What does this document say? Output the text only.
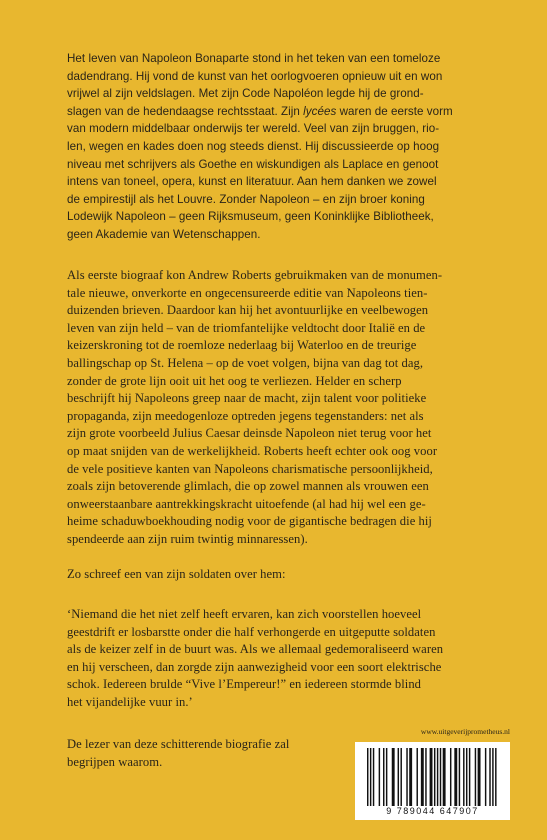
Het leven van Napoleon Bonaparte stond in het teken van een tomeloze
dadendrang. Hij vond de kunst van het oorlogvoeren opnieuw uit en won
vrijwel al zijn veldslagen. Met zijn Code Napoléon legde hij de grond-
slagen van de hedendaagse rechtsstaat. Zijn lycées waren de eerste vorm
van modern middelbaar onderwijs ter wereld. Veel van zijn bruggen, rio-
len, wegen en kades doen nog steeds dienst. Hij discussieerde op hoog
niveau met schrijvers als Goethe en wiskundigen als Laplace en genoot
intens van toneel, opera, kunst en literatuur. Aan hem danken we zowel
de empirestijl als het Louvre. Zonder Napoleon – en zijn broer koning
Lodewijk Napoleon – geen Rijksmuseum, geen Koninklijke Bibliotheek,
geen Akademie van Wetenschappen.
Als eerste biograaf kon Andrew Roberts gebruikmaken van de monumen-
tale nieuwe, onverkorte en ongecensureerde editie van Napoleons tien-
duizenden brieven. Daardoor kan hij het avontuurlijke en veelbewogen
leven van zijn held – van de triomfantelijke veldtocht door Italië en de
keizerskroning tot de roemloze nederlaag bij Waterloo en de treurige
ballingschap op St. Helena – op de voet volgen, bijna van dag tot dag,
zonder de grote lijn ooit uit het oog te verliezen. Helder en scherp
beschrijft hij Napoleons greep naar de macht, zijn talent voor politieke
propaganda, zijn meedogenloze optreden jegens tegenstanders: net als
zijn grote voorbeeld Julius Caesar deinsde Napoleon niet terug voor het
op maat snijden van de werkelijkheid. Roberts heeft echter ook oog voor
de vele positieve kanten van Napoleons charismatische persoonlijkheid,
zoals zijn betoverende glimlach, die op zowel mannen als vrouwen een
onweerstaanbare aantrekkingskracht uitoefende (al had hij wel een ge-
heime schaduwboekhouding nodig voor de gigantische bedragen die hij
spendeerde aan zijn ruim twintig minnaressen).
Zo schreef een van zijn soldaten over hem:
‘Niemand die het niet zelf heeft ervaren, kan zich voorstellen hoeveel
geestdrift er losbarstte onder die half verhongerde en uitgeputte soldaten
als de keizer zelf in de buurt was. Als we allemaal gedemoraliseerd waren
en hij verscheen, dan zorgde zijn aanwezigheid voor een soort elektrische
schok. Iedereen brulde “Vive l’Empereur!” en iedereen stormde blind
het vijandelijke vuur in.’
De lezer van deze schitterende biografie zal
begrijpen waarom.
www.uitgeverijprometheus.nl
9 789044 647907
